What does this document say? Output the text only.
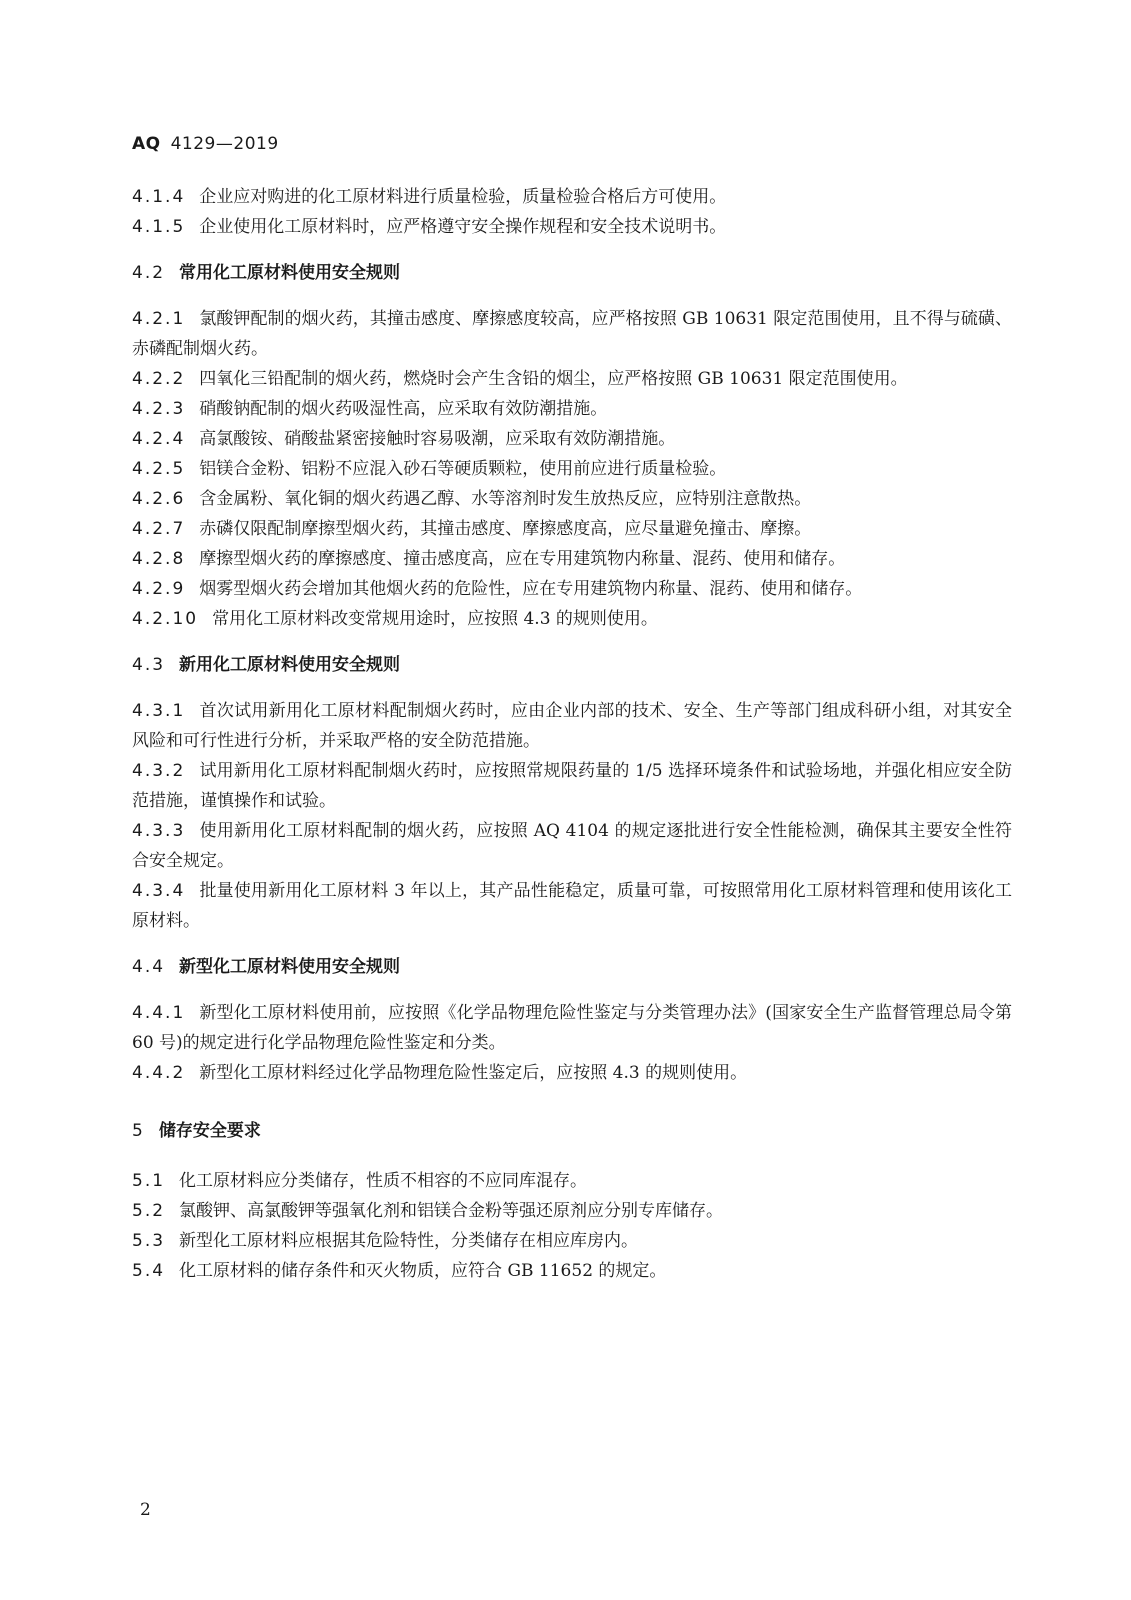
AQ 4129—2019
4.1.4 企业应对购进的化工原材料进行质量检验，质量检验合格后方可使用。
4.1.5 企业使用化工原材料时，应严格遵守安全操作规程和安全技术说明书。
4.2 常用化工原材料使用安全规则
4.2.1 氯酸钾配制的烟火药，其撞击感度、摩擦感度较高，应严格按照 GB 10631 限定范围使用，且不得与硫磺、赤磷配制烟火药。
4.2.2 四氧化三铅配制的烟火药，燃烧时会产生含铅的烟尘，应严格按照 GB 10631 限定范围使用。
4.2.3 硝酸钠配制的烟火药吸湿性高，应采取有效防潮措施。
4.2.4 高氯酸铵、硝酸盐紧密接触时容易吸潮，应采取有效防潮措施。
4.2.5 铝镁合金粉、铝粉不应混入砂石等硬质颗粒，使用前应进行质量检验。
4.2.6 含金属粉、氧化铜的烟火药遇乙醇、水等溶剂时发生放热反应，应特别注意散热。
4.2.7 赤磷仅限配制摩擦型烟火药，其撞击感度、摩擦感度高，应尽量避免撞击、摩擦。
4.2.8 摩擦型烟火药的摩擦感度、撞击感度高，应在专用建筑物内称量、混药、使用和储存。
4.2.9 烟雾型烟火药会增加其他烟火药的危险性，应在专用建筑物内称量、混药、使用和储存。
4.2.10 常用化工原材料改变常规用途时，应按照 4.3 的规则使用。
4.3 新用化工原材料使用安全规则
4.3.1 首次试用新用化工原材料配制烟火药时，应由企业内部的技术、安全、生产等部门组成科研小组，对其安全风险和可行性进行分析，并采取严格的安全防范措施。
4.3.2 试用新用化工原材料配制烟火药时，应按照常规限药量的 1/5 选择环境条件和试验场地，并强化相应安全防范措施，谨慎操作和试验。
4.3.3 使用新用化工原材料配制的烟火药，应按照 AQ 4104 的规定逐批进行安全性能检测，确保其主要安全性符合安全规定。
4.3.4 批量使用新用化工原材料 3 年以上，其产品性能稳定，质量可靠，可按照常用化工原材料管理和使用该化工原材料。
4.4 新型化工原材料使用安全规则
4.4.1 新型化工原材料使用前，应按照《化学品物理危险性鉴定与分类管理办法》(国家安全生产监督管理总局令第 60 号)的规定进行化学品物理危险性鉴定和分类。
4.4.2 新型化工原材料经过化学品物理危险性鉴定后，应按照 4.3 的规则使用。
5 储存安全要求
5.1 化工原材料应分类储存，性质不相容的不应同库混存。
5.2 氯酸钾、高氯酸钾等强氧化剂和铝镁合金粉等强还原剂应分别专库储存。
5.3 新型化工原材料应根据其危险特性，分类储存在相应库房内。
5.4 化工原材料的储存条件和灭火物质，应符合 GB 11652 的规定。
2
